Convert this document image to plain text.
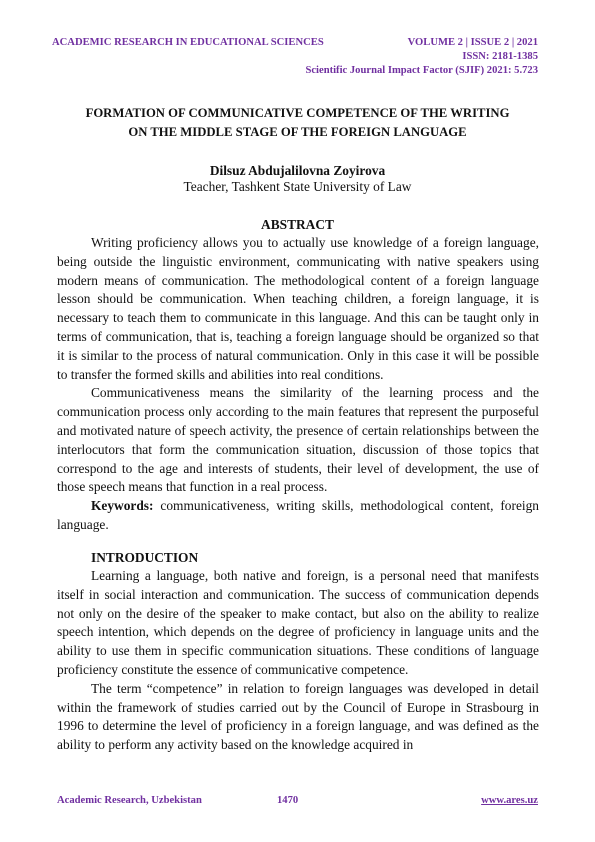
ACADEMIC RESEARCH IN EDUCATIONAL SCIENCES	VOLUME 2 | ISSUE 2 | 2021
ISSN: 2181-1385
Scientific Journal Impact Factor (SJIF) 2021: 5.723
FORMATION OF COMMUNICATIVE COMPETENCE OF THE WRITING
ON THE MIDDLE STAGE OF THE FOREIGN LANGUAGE
Dilsuz Abdujalilovna Zoyirova
Teacher, Tashkent State University of Law
ABSTRACT

Writing proficiency allows you to actually use knowledge of a foreign language, being outside the linguistic environment, communicating with native speakers using modern means of communication. The methodological content of a foreign language lesson should be communication. When teaching children, a foreign language, it is necessary to teach them to communicate in this language. And this can be taught only in terms of communication, that is, teaching a foreign language should be organized so that it is similar to the process of natural communication. Only in this case it will be possible to transfer the formed skills and abilities into real conditions.

Communicativeness means the similarity of the learning process and the communication process only according to the main features that represent the purposeful and motivated nature of speech activity, the presence of certain relationships between the interlocutors that form the communication situation, discussion of those topics that correspond to the age and interests of students, their level of development, the use of those speech means that function in a real process.

Keywords: communicativeness, writing skills, methodological content, foreign language.

INTRODUCTION

Learning a language, both native and foreign, is a personal need that manifests itself in social interaction and communication. The success of communication depends not only on the desire of the speaker to make contact, but also on the ability to realize speech intention, which depends on the degree of proficiency in language units and the ability to use them in specific communication situations. These conditions of language proficiency constitute the essence of communicative competence.

The term “competence” in relation to foreign languages was developed in detail within the framework of studies carried out by the Council of Europe in Strasbourg in 1996 to determine the level of proficiency in a foreign language, and was defined as the ability to perform any activity based on the knowledge acquired in

Academic Research, Uzbekistan	1470	www.ares.uz
